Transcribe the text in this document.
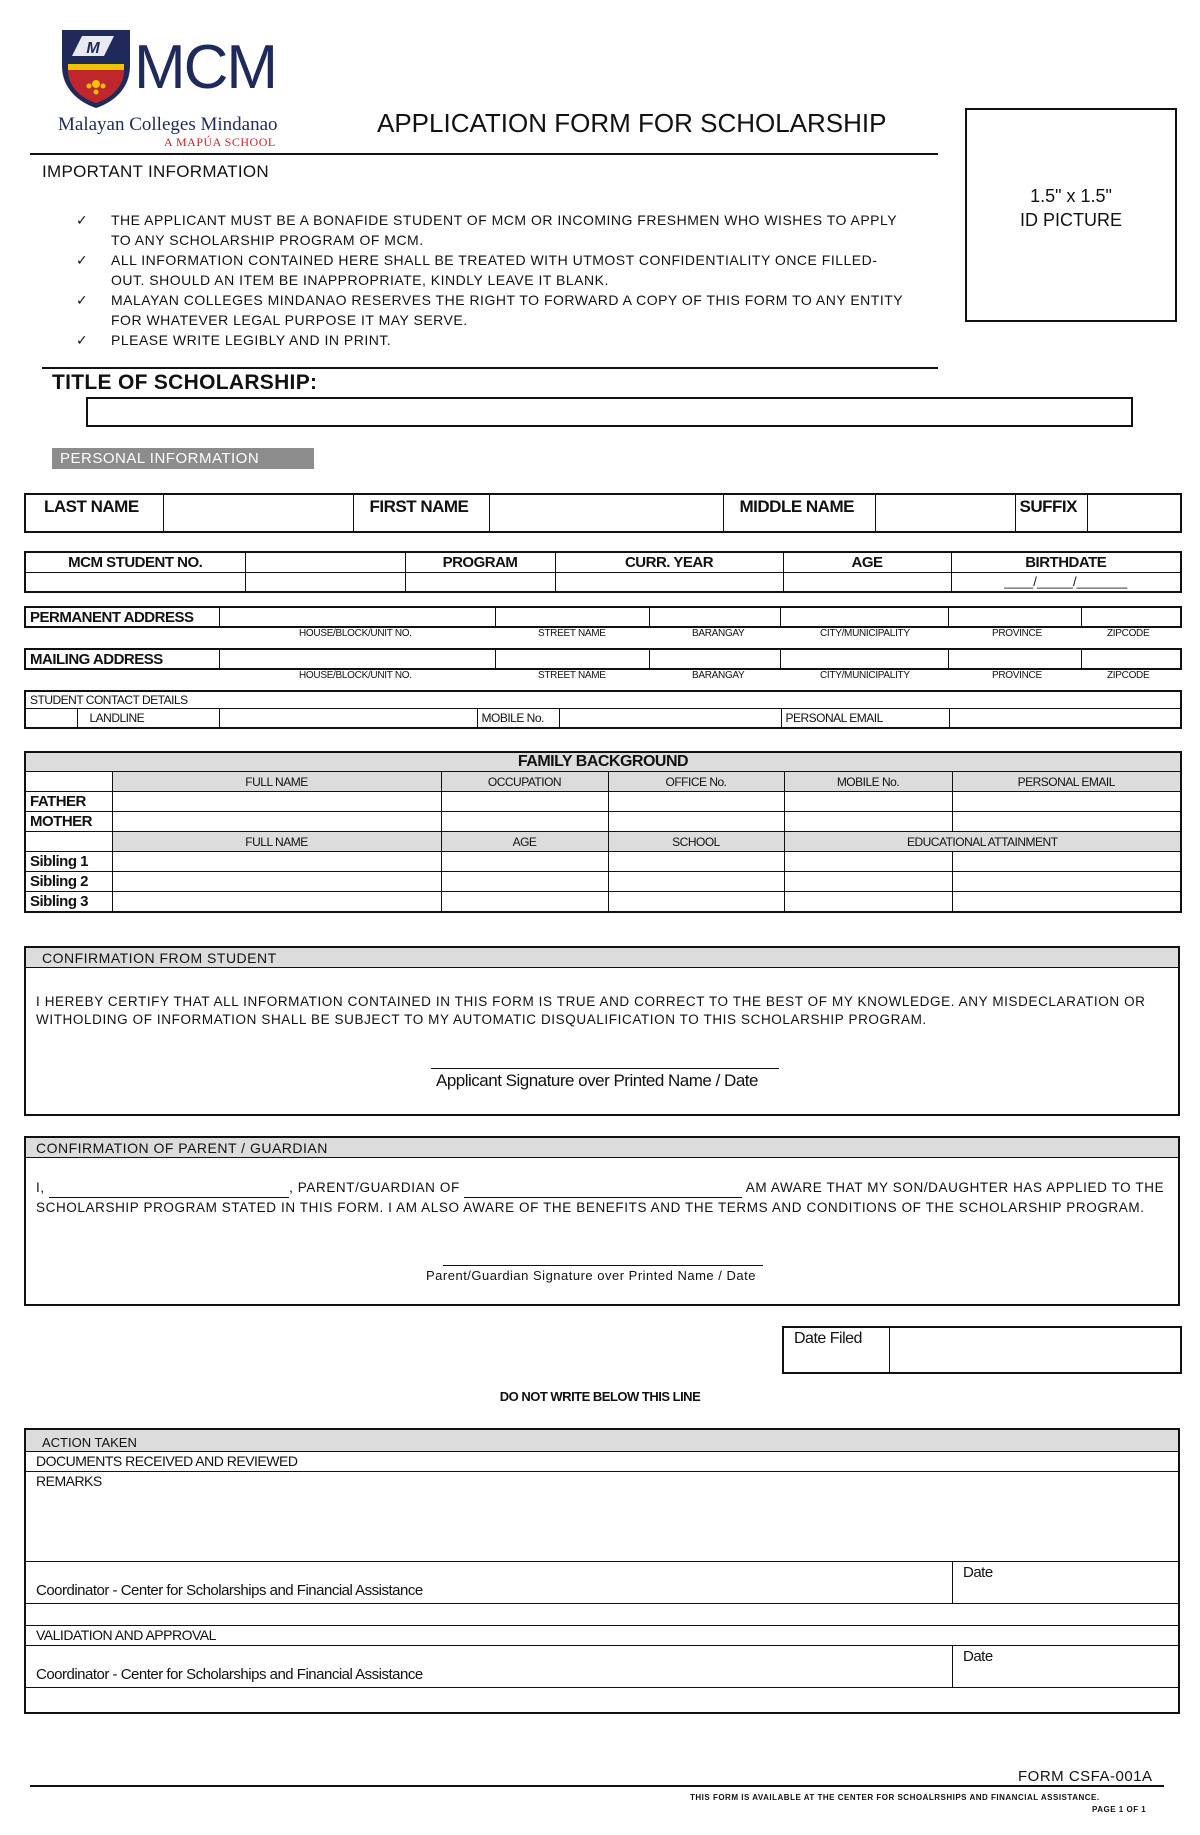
M MCM
Malayan Colleges Mindanao
A MAPÚA SCHOOL
APPLICATION FORM FOR SCHOLARSHIP
1.5" x 1.5"
ID PICTURE
IMPORTANT INFORMATION
✓	THE APPLICANT MUST BE A BONAFIDE STUDENT OF MCM OR INCOMING FRESHMEN WHO WISHES TO APPLY TO ANY SCHOLARSHIP PROGRAM OF MCM.
✓	ALL INFORMATION CONTAINED HERE SHALL BE TREATED WITH UTMOST CONFIDENTIALITY ONCE FILLED-OUT. SHOULD AN ITEM BE INAPPROPRIATE, KINDLY LEAVE IT BLANK.
✓	MALAYAN COLLEGES MINDANAO RESERVES THE RIGHT TO FORWARD A COPY OF THIS FORM TO ANY ENTITY FOR WHATEVER LEGAL PURPOSE IT MAY SERVE.
✓	PLEASE WRITE LEGIBLY AND IN PRINT.
TITLE OF SCHOLARSHIP:
PERSONAL INFORMATION
LAST NAME		FIRST NAME		MIDDLE NAME		SUFFIX	
MCM STUDENT NO.		PROGRAM	CURR. YEAR	AGE	BIRTHDATE
					____/_____/_______
PERMANENT ADDRESS						
HOUSE/BLOCK/UNIT NO.	STREET NAME	BARANGAY	CITY/MUNICIPALITY	PROVINCE	ZIPCODE
MAILING ADDRESS						
HOUSE/BLOCK/UNIT NO.	STREET NAME	BARANGAY	CITY/MUNICIPALITY	PROVINCE	ZIPCODE
STUDENT CONTACT DETAILS
	LANDLINE		MOBILE No.		PERSONAL EMAIL	
FAMILY BACKGROUND					
	FULL NAME	OCCUPATION	OFFICE No.	MOBILE No.	PERSONAL EMAIL
FATHER					
MOTHER					
	FULL NAME	AGE	SCHOOL	EDUCATIONAL ATTAINMENT	
Sibling 1					
Sibling 2					
Sibling 3					
CONFIRMATION FROM STUDENT
I HEREBY CERTIFY THAT ALL INFORMATION CONTAINED IN THIS FORM IS TRUE AND CORRECT TO THE BEST OF MY KNOWLEDGE. ANY MISDECLARATION OR WITHOLDING OF INFORMATION SHALL BE SUBJECT TO MY AUTOMATIC DISQUALIFICATION TO THIS SCHOLARSHIP PROGRAM.
Applicant Signature over Printed Name / Date
CONFIRMATION OF PARENT / GUARDIAN
I,	, PARENT/GUARDIAN OF	AM AWARE THAT MY SON/DAUGHTER HAS APPLIED TO THE SCHOLARSHIP PROGRAM STATED IN THIS FORM. I AM ALSO AWARE OF THE BENEFITS AND THE TERMS AND CONDITIONS OF THE SCHOLARSHIP PROGRAM.
Parent/Guardian Signature over Printed Name / Date
Date Filed	
DO NOT WRITE BELOW THIS LINE
ACTION TAKEN
DOCUMENTS RECEIVED AND REVIEWED
REMARKS
Coordinator - Center for Scholarships and Financial Assistance
Date
VALIDATION AND APPROVAL
Coordinator - Center for Scholarships and Financial Assistance
Date
FORM CSFA-001A
THIS FORM IS AVAILABLE AT THE CENTER FOR SCHOALRSHIPS AND FINANCIAL ASSISTANCE.
PAGE 1 OF 1
